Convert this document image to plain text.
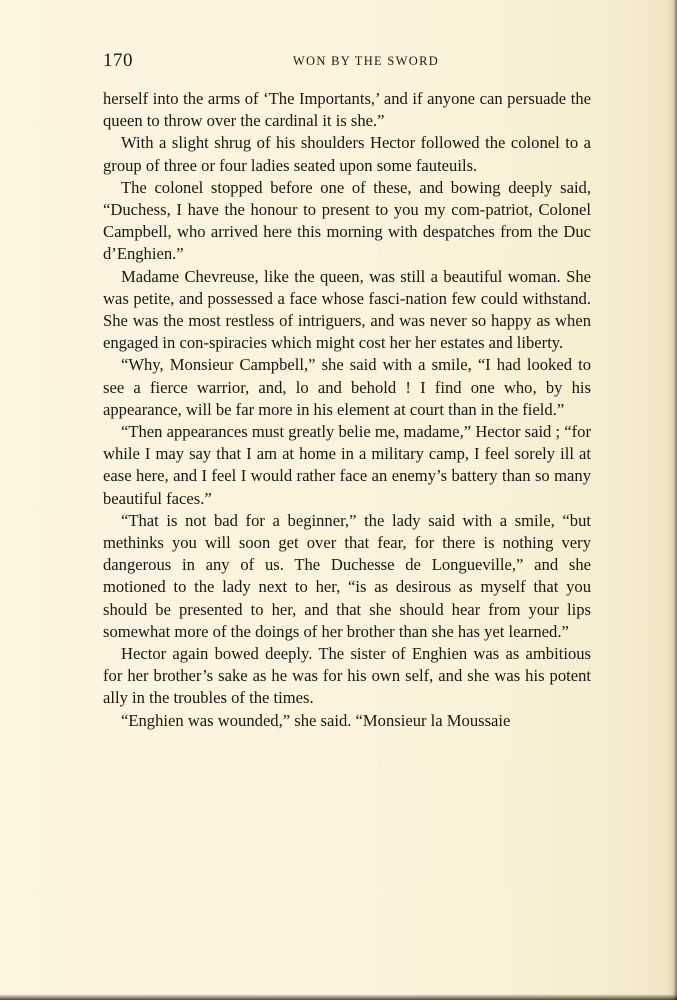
170	WON BY THE SWORD

herself into the arms of ‘The Importants,’ and if anyone can persuade the queen to throw over the cardinal it is she.”

With a slight shrug of his shoulders Hector followed the colonel to a group of three or four ladies seated upon some fauteuils.

The colonel stopped before one of these, and bowing deeply said, “Duchess, I have the honour to present to you my com-patriot, Colonel Campbell, who arrived here this morning with despatches from the Duc d’Enghien.”

Madame Chevreuse, like the queen, was still a beautiful woman. She was petite, and possessed a face whose fasci-nation few could withstand. She was the most restless of intriguers, and was never so happy as when engaged in con-spiracies which might cost her her estates and liberty.

“Why, Monsieur Campbell,” she said with a smile, “I had looked to see a fierce warrior, and, lo and behold ! I find one who, by his appearance, will be far more in his element at court than in the field.”

“Then appearances must greatly belie me, madame,” Hector said ; “for while I may say that I am at home in a military camp, I feel sorely ill at ease here, and I feel I would rather face an enemy’s battery than so many beautiful faces.”

“That is not bad for a beginner,” the lady said with a smile, “but methinks you will soon get over that fear, for there is nothing very dangerous in any of us. The Duchesse de Longueville,” and she motioned to the lady next to her, “is as desirous as myself that you should be presented to her, and that she should hear from your lips somewhat more of the doings of her brother than she has yet learned.”

Hector again bowed deeply. The sister of Enghien was as ambitious for her brother’s sake as he was for his own self, and she was his potent ally in the troubles of the times.

“Enghien was wounded,” she said. “Monsieur la Moussaie
